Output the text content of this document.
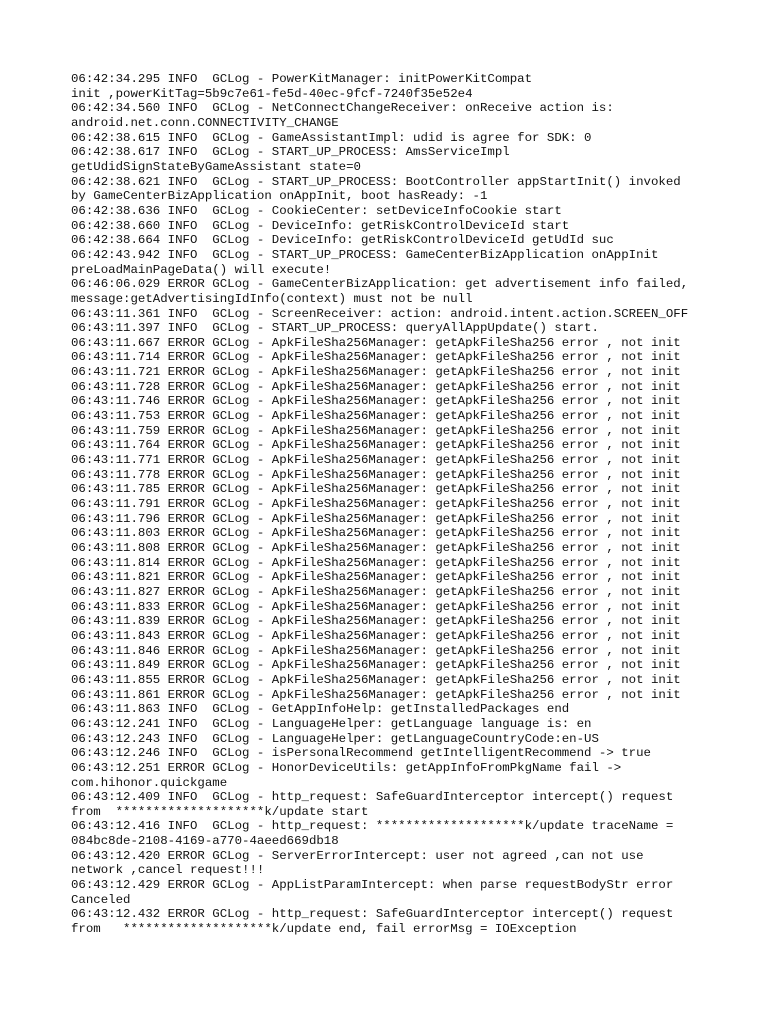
06:42:34.295 INFO  GCLog - PowerKitManager: initPowerKitCompat
init ,powerKitTag=5b9c7e61-fe5d-40ec-9fcf-7240f35e52e4
06:42:34.560 INFO  GCLog - NetConnectChangeReceiver: onReceive action is:
android.net.conn.CONNECTIVITY_CHANGE
06:42:38.615 INFO  GCLog - GameAssistantImpl: udid is agree for SDK: 0
06:42:38.617 INFO  GCLog - START_UP_PROCESS: AmsServiceImpl
getUdidSignStateByGameAssistant state=0
06:42:38.621 INFO  GCLog - START_UP_PROCESS: BootController appStartInit() invoked
by GameCenterBizApplication onAppInit, boot hasReady: -1
06:42:38.636 INFO  GCLog - CookieCenter: setDeviceInfoCookie start
06:42:38.660 INFO  GCLog - DeviceInfo: getRiskControlDeviceId start
06:42:38.664 INFO  GCLog - DeviceInfo: getRiskControlDeviceId getUdId suc
06:42:43.942 INFO  GCLog - START_UP_PROCESS: GameCenterBizApplication onAppInit
preLoadMainPageData() will execute!
06:46:06.029 ERROR GCLog - GameCenterBizApplication: get advertisement info failed,
message:getAdvertisingIdInfo(context) must not be null
06:43:11.361 INFO  GCLog - ScreenReceiver: action: android.intent.action.SCREEN_OFF
06:43:11.397 INFO  GCLog - START_UP_PROCESS: queryAllAppUpdate() start.
06:43:11.667 ERROR GCLog - ApkFileSha256Manager: getApkFileSha256 error , not init
06:43:11.714 ERROR GCLog - ApkFileSha256Manager: getApkFileSha256 error , not init
06:43:11.721 ERROR GCLog - ApkFileSha256Manager: getApkFileSha256 error , not init
06:43:11.728 ERROR GCLog - ApkFileSha256Manager: getApkFileSha256 error , not init
06:43:11.746 ERROR GCLog - ApkFileSha256Manager: getApkFileSha256 error , not init
06:43:11.753 ERROR GCLog - ApkFileSha256Manager: getApkFileSha256 error , not init
06:43:11.759 ERROR GCLog - ApkFileSha256Manager: getApkFileSha256 error , not init
06:43:11.764 ERROR GCLog - ApkFileSha256Manager: getApkFileSha256 error , not init
06:43:11.771 ERROR GCLog - ApkFileSha256Manager: getApkFileSha256 error , not init
06:43:11.778 ERROR GCLog - ApkFileSha256Manager: getApkFileSha256 error , not init
06:43:11.785 ERROR GCLog - ApkFileSha256Manager: getApkFileSha256 error , not init
06:43:11.791 ERROR GCLog - ApkFileSha256Manager: getApkFileSha256 error , not init
06:43:11.796 ERROR GCLog - ApkFileSha256Manager: getApkFileSha256 error , not init
06:43:11.803 ERROR GCLog - ApkFileSha256Manager: getApkFileSha256 error , not init
06:43:11.808 ERROR GCLog - ApkFileSha256Manager: getApkFileSha256 error , not init
06:43:11.814 ERROR GCLog - ApkFileSha256Manager: getApkFileSha256 error , not init
06:43:11.821 ERROR GCLog - ApkFileSha256Manager: getApkFileSha256 error , not init
06:43:11.827 ERROR GCLog - ApkFileSha256Manager: getApkFileSha256 error , not init
06:43:11.833 ERROR GCLog - ApkFileSha256Manager: getApkFileSha256 error , not init
06:43:11.839 ERROR GCLog - ApkFileSha256Manager: getApkFileSha256 error , not init
06:43:11.843 ERROR GCLog - ApkFileSha256Manager: getApkFileSha256 error , not init
06:43:11.846 ERROR GCLog - ApkFileSha256Manager: getApkFileSha256 error , not init
06:43:11.849 ERROR GCLog - ApkFileSha256Manager: getApkFileSha256 error , not init
06:43:11.855 ERROR GCLog - ApkFileSha256Manager: getApkFileSha256 error , not init
06:43:11.861 ERROR GCLog - ApkFileSha256Manager: getApkFileSha256 error , not init
06:43:11.863 INFO  GCLog - GetAppInfoHelp: getInstalledPackages end
06:43:12.241 INFO  GCLog - LanguageHelper: getLanguage language is: en
06:43:12.243 INFO  GCLog - LanguageHelper: getLanguageCountryCode:en-US
06:43:12.246 INFO  GCLog - isPersonalRecommend getIntelligentRecommend -> true
06:43:12.251 ERROR GCLog - HonorDeviceUtils: getAppInfoFromPkgName fail ->
com.hihonor.quickgame
06:43:12.409 INFO  GCLog - http_request: SafeGuardInterceptor intercept() request
from  ********************k/update start
06:43:12.416 INFO  GCLog - http_request: ********************k/update traceName =
084bc8de-2108-4169-a770-4aeed669db18
06:43:12.420 ERROR GCLog - ServerErrorIntercept: user not agreed ,can not use
network ,cancel request!!!
06:43:12.429 ERROR GCLog - AppListParamIntercept: when parse requestBodyStr error
Canceled
06:43:12.432 ERROR GCLog - http_request: SafeGuardInterceptor intercept() request
from   ********************k/update end, fail errorMsg = IOException
